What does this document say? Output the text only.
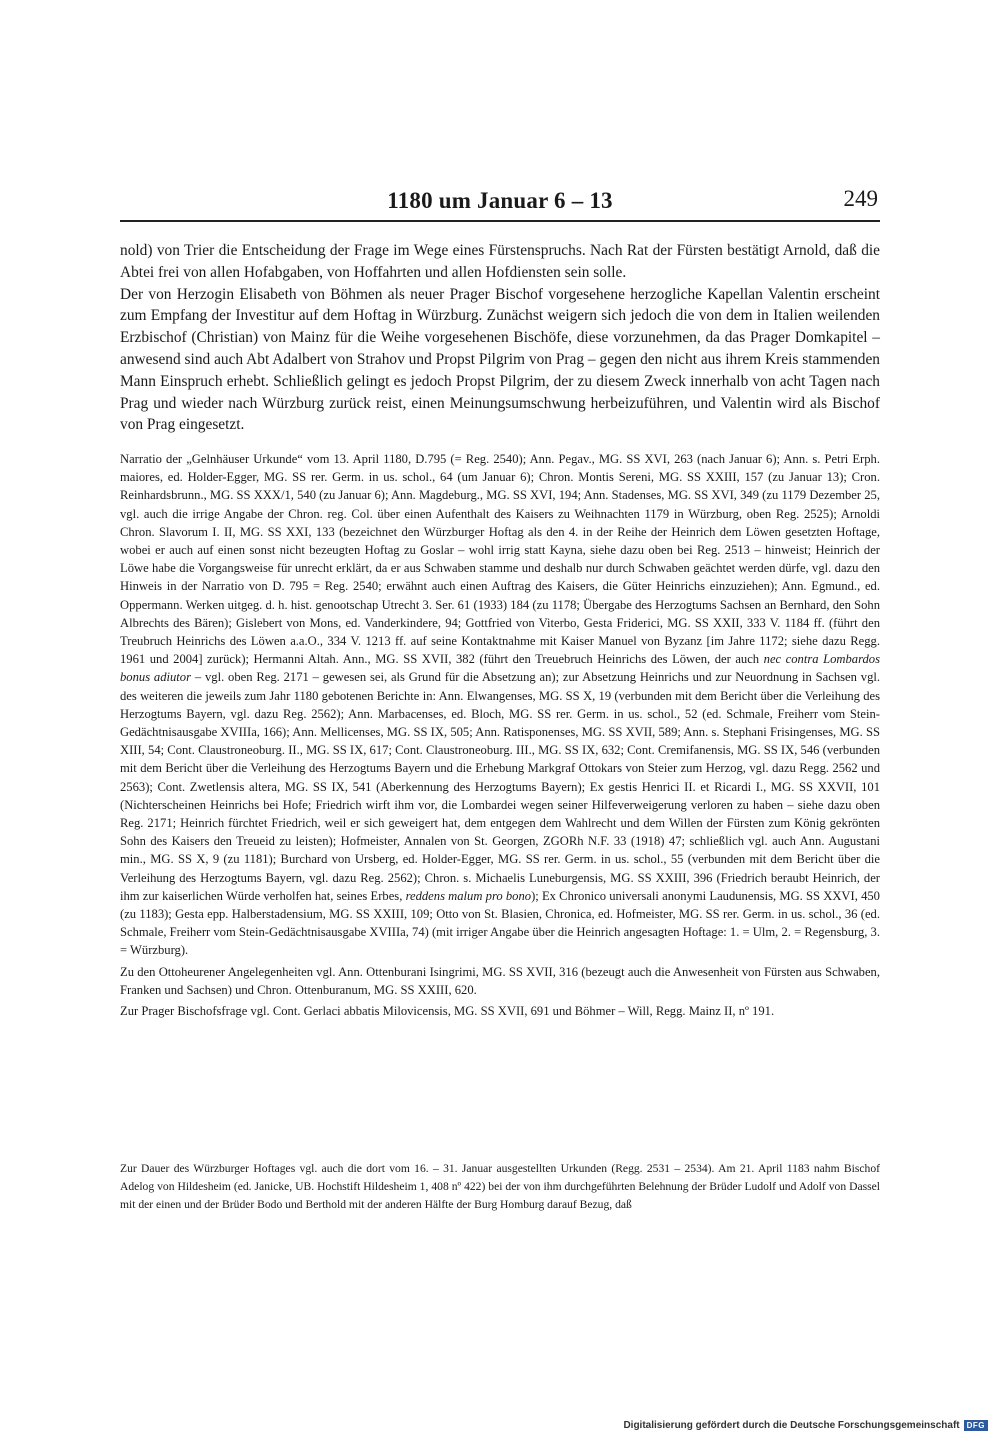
1180 um Januar 6 – 13	249

nold) von Trier die Entscheidung der Frage im Wege eines Fürstenspruchs. Nach Rat der Fürsten bestätigt Arnold, daß die Abtei frei von allen Hofabgaben, von Hoffahrten und allen Hofdiensten sein solle.

Der von Herzogin Elisabeth von Böhmen als neuer Prager Bischof vorgesehene herzogliche Kapellan Valentin erscheint zum Empfang der Investitur auf dem Hoftag in Würzburg. Zunächst weigern sich jedoch die von dem in Italien weilenden Erzbischof (Christian) von Mainz für die Weihe vorgesehenen Bischöfe, diese vorzunehmen, da das Prager Domkapitel – anwesend sind auch Abt Adalbert von Strahov und Propst Pilgrim von Prag – gegen den nicht aus ihrem Kreis stammenden Mann Einspruch erhebt. Schließlich gelingt es jedoch Propst Pilgrim, der zu diesem Zweck innerhalb von acht Tagen nach Prag und wieder nach Würzburg zurück reist, einen Meinungsumschwung herbeizuführen, und Valentin wird als Bischof von Prag eingesetzt.

Narratio der „Gelnhäuser Urkunde“ vom 13. April 1180, D.795 (= Reg. 2540); Ann. Pegav., MG. SS XVI, 263 (nach Januar 6); Ann. s. Petri Erph. maiores, ed. Holder-Egger, MG. SS rer. Germ. in us. schol., 64 (um Januar 6); Chron. Montis Sereni, MG. SS XXIII, 157 (zu Januar 13); Cron. Reinhardsbrunn., MG. SS XXX/1, 540 (zu Januar 6); Ann. Magdeburg., MG. SS XVI, 194; Ann. Stadenses, MG. SS XVI, 349 (zu 1179 Dezember 25, vgl. auch die irrige Angabe der Chron. reg. Col. über einen Aufenthalt des Kaisers zu Weihnachten 1179 in Würzburg, oben Reg. 2525); Arnoldi Chron. Slavorum I. II, MG. SS XXI, 133 (bezeichnet den Würzburger Hoftag als den 4. in der Reihe der Heinrich dem Löwen gesetzten Hoftage, wobei er auch auf einen sonst nicht bezeugten Hoftag zu Goslar – wohl irrig statt Kayna, siehe dazu oben bei Reg. 2513 – hinweist; Heinrich der Löwe habe die Vorgangsweise für unrecht erklärt, da er aus Schwaben stamme und deshalb nur durch Schwaben geächtet werden dürfe, vgl. dazu den Hinweis in der Narratio von D. 795 = Reg. 2540; erwähnt auch einen Auftrag des Kaisers, die Güter Heinrichs einzuziehen); Ann. Egmund., ed. Oppermann. Werken uitgeg. d. h. hist. genootschap Utrecht 3. Ser. 61 (1933) 184 (zu 1178; Übergabe des Herzogtums Sachsen an Bernhard, den Sohn Albrechts des Bären); Gislebert von Mons, ed. Vanderkindere, 94; Gottfried von Viterbo, Gesta Friderici, MG. SS XXII, 333 V. 1184 ff. (führt den Treubruch Heinrichs des Löwen a.a.O., 334 V. 1213 ff. auf seine Kontaktnahme mit Kaiser Manuel von Byzanz [im Jahre 1172; siehe dazu Regg. 1961 und 2004] zurück); Hermanni Altah. Ann., MG. SS XVII, 382 (führt den Treuebruch Heinrichs des Löwen, der auch nec contra Lombardos bonus adiutor – vgl. oben Reg. 2171 – gewesen sei, als Grund für die Absetzung an); zur Absetzung Heinrichs und zur Neuordnung in Sachsen vgl. des weiteren die jeweils zum Jahr 1180 gebotenen Berichte in: Ann. Elwangenses, MG. SS X, 19 (verbunden mit dem Bericht über die Verleihung des Herzogtums Bayern, vgl. dazu Reg. 2562); Ann. Marbacenses, ed. Bloch, MG. SS rer. Germ. in us. schol., 52 (ed. Schmale, Freiherr vom Stein-Gedächtnisausgabe XVIIIa, 166); Ann. Mellicenses, MG. SS IX, 505; Ann. Ratisponenses, MG. SS XVII, 589; Ann. s. Stephani Frisingenses, MG. SS XIII, 54; Cont. Claustroneoburg. II., MG. SS IX, 617; Cont. Claustroneoburg. III., MG. SS IX, 632; Cont. Cremifanensis, MG. SS IX, 546 (verbunden mit dem Bericht über die Verleihung des Herzogtums Bayern und die Erhebung Markgraf Ottokars von Steier zum Herzog, vgl. dazu Regg. 2562 und 2563); Cont. Zwetlensis altera, MG. SS IX, 541 (Aberkennung des Herzogtums Bayern); Ex gestis Henrici II. et Ricardi I., MG. SS XXVII, 101 (Nichterscheinen Heinrichs bei Hofe; Friedrich wirft ihm vor, die Lombardei wegen seiner Hilfeverweigerung verloren zu haben – siehe dazu oben Reg. 2171; Heinrich fürchtet Friedrich, weil er sich geweigert hat, dem entgegen dem Wahlrecht und dem Willen der Fürsten zum König gekrönten Sohn des Kaisers den Treueid zu leisten); Hofmeister, Annalen von St. Georgen, ZGORh N.F. 33 (1918) 47; schließlich vgl. auch Ann. Augustani min., MG. SS X, 9 (zu 1181); Burchard von Ursberg, ed. Holder-Egger, MG. SS rer. Germ. in us. schol., 55 (verbunden mit dem Bericht über die Verleihung des Herzogtums Bayern, vgl. dazu Reg. 2562); Chron. s. Michaelis Luneburgensis, MG. SS XXIII, 396 (Friedrich beraubt Heinrich, der ihm zur kaiserlichen Würde verholfen hat, seines Erbes, reddens malum pro bono); Ex Chronico universali anonymi Laudunensis, MG. SS XXVI, 450 (zu 1183); Gesta epp. Halberstadensium, MG. SS XXIII, 109; Otto von St. Blasien, Chronica, ed. Hofmeister, MG. SS rer. Germ. in us. schol., 36 (ed. Schmale, Freiherr vom Stein-Gedächtnisausgabe XVIIIa, 74) (mit irriger Angabe über die Heinrich angesagten Hoftage: 1. = Ulm, 2. = Regensburg, 3. = Würzburg).

Zu den Ottoheurener Angelegenheiten vgl. Ann. Ottenburani Isingrimi, MG. SS XVII, 316 (bezeugt auch die Anwesenheit von Fürsten aus Schwaben, Franken und Sachsen) und Chron. Ottenburanum, MG. SS XXIII, 620.

Zur Prager Bischofsfrage vgl. Cont. Gerlaci abbatis Milovicensis, MG. SS XVII, 691 und Böhmer – Will, Regg. Mainz II, nº 191.

Zur Dauer des Würzburger Hoftages vgl. auch die dort vom 16. – 31. Januar ausgestellten Urkunden (Regg. 2531 – 2534). Am 21. April 1183 nahm Bischof Adelog von Hildesheim (ed. Janicke, UB. Hochstift Hildesheim 1, 408 nº 422) bei der von ihm durchgeführten Belehnung der Brüder Ludolf und Adolf von Dassel mit der einen und der Brüder Bodo und Berthold mit der anderen Hälfte der Burg Homburg darauf Bezug, daß

Digitalisierung gefördert durch die Deutsche Forschungsgemeinschaft DFG
